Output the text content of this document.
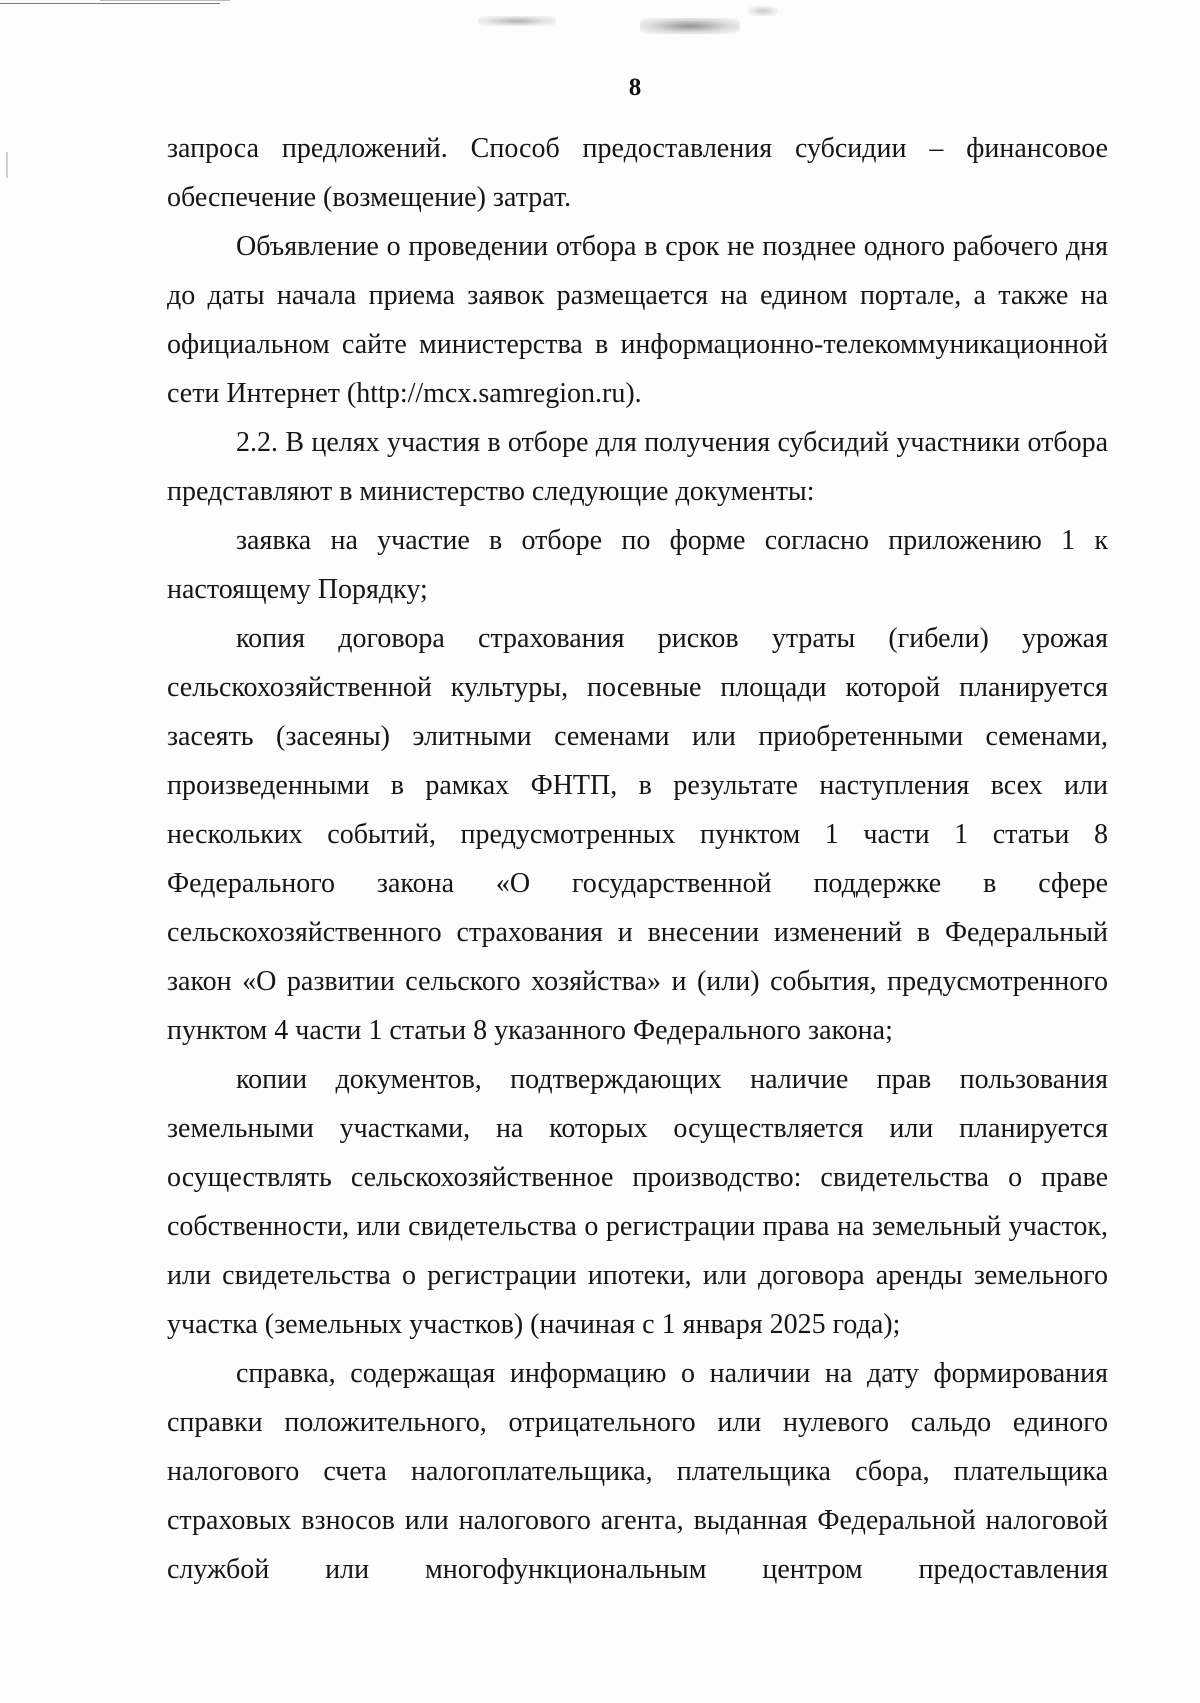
8

запроса предложений. Способ предоставления субсидии – финансовое обеспечение (возмещение) затрат.

Объявление о проведении отбора в срок не позднее одного рабочего дня до даты начала приема заявок размещается на едином портале, а также на официальном сайте министерства в информационно-телекоммуникационной сети Интернет (http://mcx.samregion.ru).

2.2. В целях участия в отборе для получения субсидий участники отбора представляют в министерство следующие документы:

заявка на участие в отборе по форме согласно приложению 1 к настоящему Порядку;

копия договора страхования рисков утраты (гибели) урожая сельскохозяйственной культуры, посевные площади которой планируется засеять (засеяны) элитными семенами или приобретенными семенами, произведенными в рамках ФНТП, в результате наступления всех или нескольких событий, предусмотренных пунктом 1 части 1 статьи 8 Федерального закона «О государственной поддержке в сфере сельскохозяйственного страхования и внесении изменений в Федеральный закон «О развитии сельского хозяйства» и (или) события, предусмотренного пунктом 4 части 1 статьи 8 указанного Федерального закона;

копии документов, подтверждающих наличие прав пользования земельными участками, на которых осуществляется или планируется осуществлять сельскохозяйственное производство: свидетельства о праве собственности, или свидетельства о регистрации права на земельный участок, или свидетельства о регистрации ипотеки, или договора аренды земельного участка (земельных участков) (начиная с 1 января 2025 года);

справка, содержащая информацию о наличии на дату формирования справки положительного, отрицательного или нулевого сальдо единого налогового счета налогоплательщика, плательщика сбора, плательщика страховых взносов или налогового агента, выданная Федеральной налоговой службой или многофункциональным центром предоставления
